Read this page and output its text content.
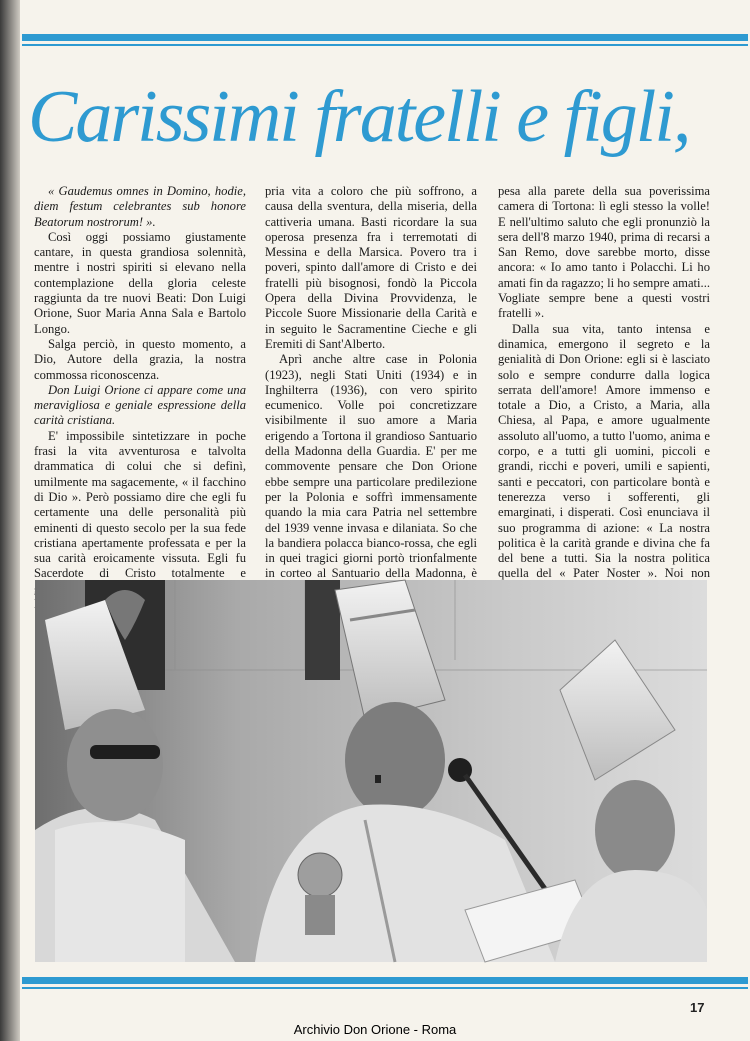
Carissimi fratelli e figli,

« Gaudemus omnes in Domino, hodie, diem festum celebrantes sub honore Beatorum nostrorum! ».

Così oggi possiamo giustamente cantare, in questa grandiosa solennità, mentre i nostri spiriti si elevano nella contemplazione della gloria celeste raggiunta da tre nuovi Beati: Don Luigi Orione, Suor Maria Anna Sala e Bartolo Longo.

Salga perciò, in questo momento, a Dio, Autore della grazia, la nostra commossa riconoscenza.

Don Luigi Orione ci appare come una meravigliosa e geniale espressione della carità cristiana.

E' impossibile sintetizzare in poche frasi la vita avventurosa e talvolta drammatica di colui che si definì, umilmente ma sagacemente, « il facchino di Dio ». Però possiamo dire che egli fu certamente una delle personalità più eminenti di questo secolo per la sua fede cristiana apertamente professata e per la sua carità eroicamente vissuta. Egli fu Sacerdote di Cristo totalmente e

pria vita a coloro che più soffrono, a causa della sventura, della miseria, della cattiveria umana. Basti ricordare la sua operosa presenza fra i terremotati di Messina e della Marsica. Povero tra i poveri, spinto dall'amore di Cristo e dei fratelli più bisognosi, fondò la Piccola Opera della Divina Provvidenza, le Piccole Suore Missionarie della Carità e in seguito le Sacramentine Cieche e gli Eremiti di Sant'Alberto.

Aprì anche altre case in Polonia (1923), negli Stati Uniti (1934) e in Inghilterra (1936), con vero spirito ecumenico. Volle poi concretizzare visibilmente il suo amore a Maria erigendo a Tortona il grandioso Santuario della Madonna della Guardia. E' per me commovente pensare che Don Orione ebbe sempre una particolare predilezione per la Polonia e soffrì immensamente quando la mia cara Patria nel settembre del 1939 venne invasa e dilaniata. So che la bandiera polacca bianco-rossa, che egli in quei tragici giorni portò trionfalmente in corteo al Santuario della Madonna, è

pesa alla parete della sua poverissima camera di Tortona: lì egli stesso la volle! E nell'ultimo saluto che egli pronunziò la sera dell'8 marzo 1940, prima di recarsi a San Remo, dove sarebbe morto, disse ancora: « Io amo tanto i Polacchi. Li ho amati fin da ragazzo; li ho sempre amati... Vogliate sempre bene a questi vostri fratelli ».

Dalla sua vita, tanto intensa e dinamica, emergono il segreto e la genialità di Don Orione: egli si è lasciato solo e sempre condurre dalla logica serrata dell'amore! Amore immenso e totale a Dio, a Cristo, a Maria, alla Chiesa, al Papa, e amore ugualmente assoluto all'uomo, a tutto l'uomo, anima e corpo, e a tutti gli uomini, piccoli e grandi, ricchi e poveri, umili e sapienti, santi e peccatori, con particolare bontà e tenerezza verso i sofferenti, gli emarginati, i disperati. Così enunciava il suo programma di azione: « La nostra politica è la carità grande e divina che fa del bene a tutti. Sia la nostra politica quella del « Pater Noster ». Noi non

17
Archivio Don Orione - Roma
